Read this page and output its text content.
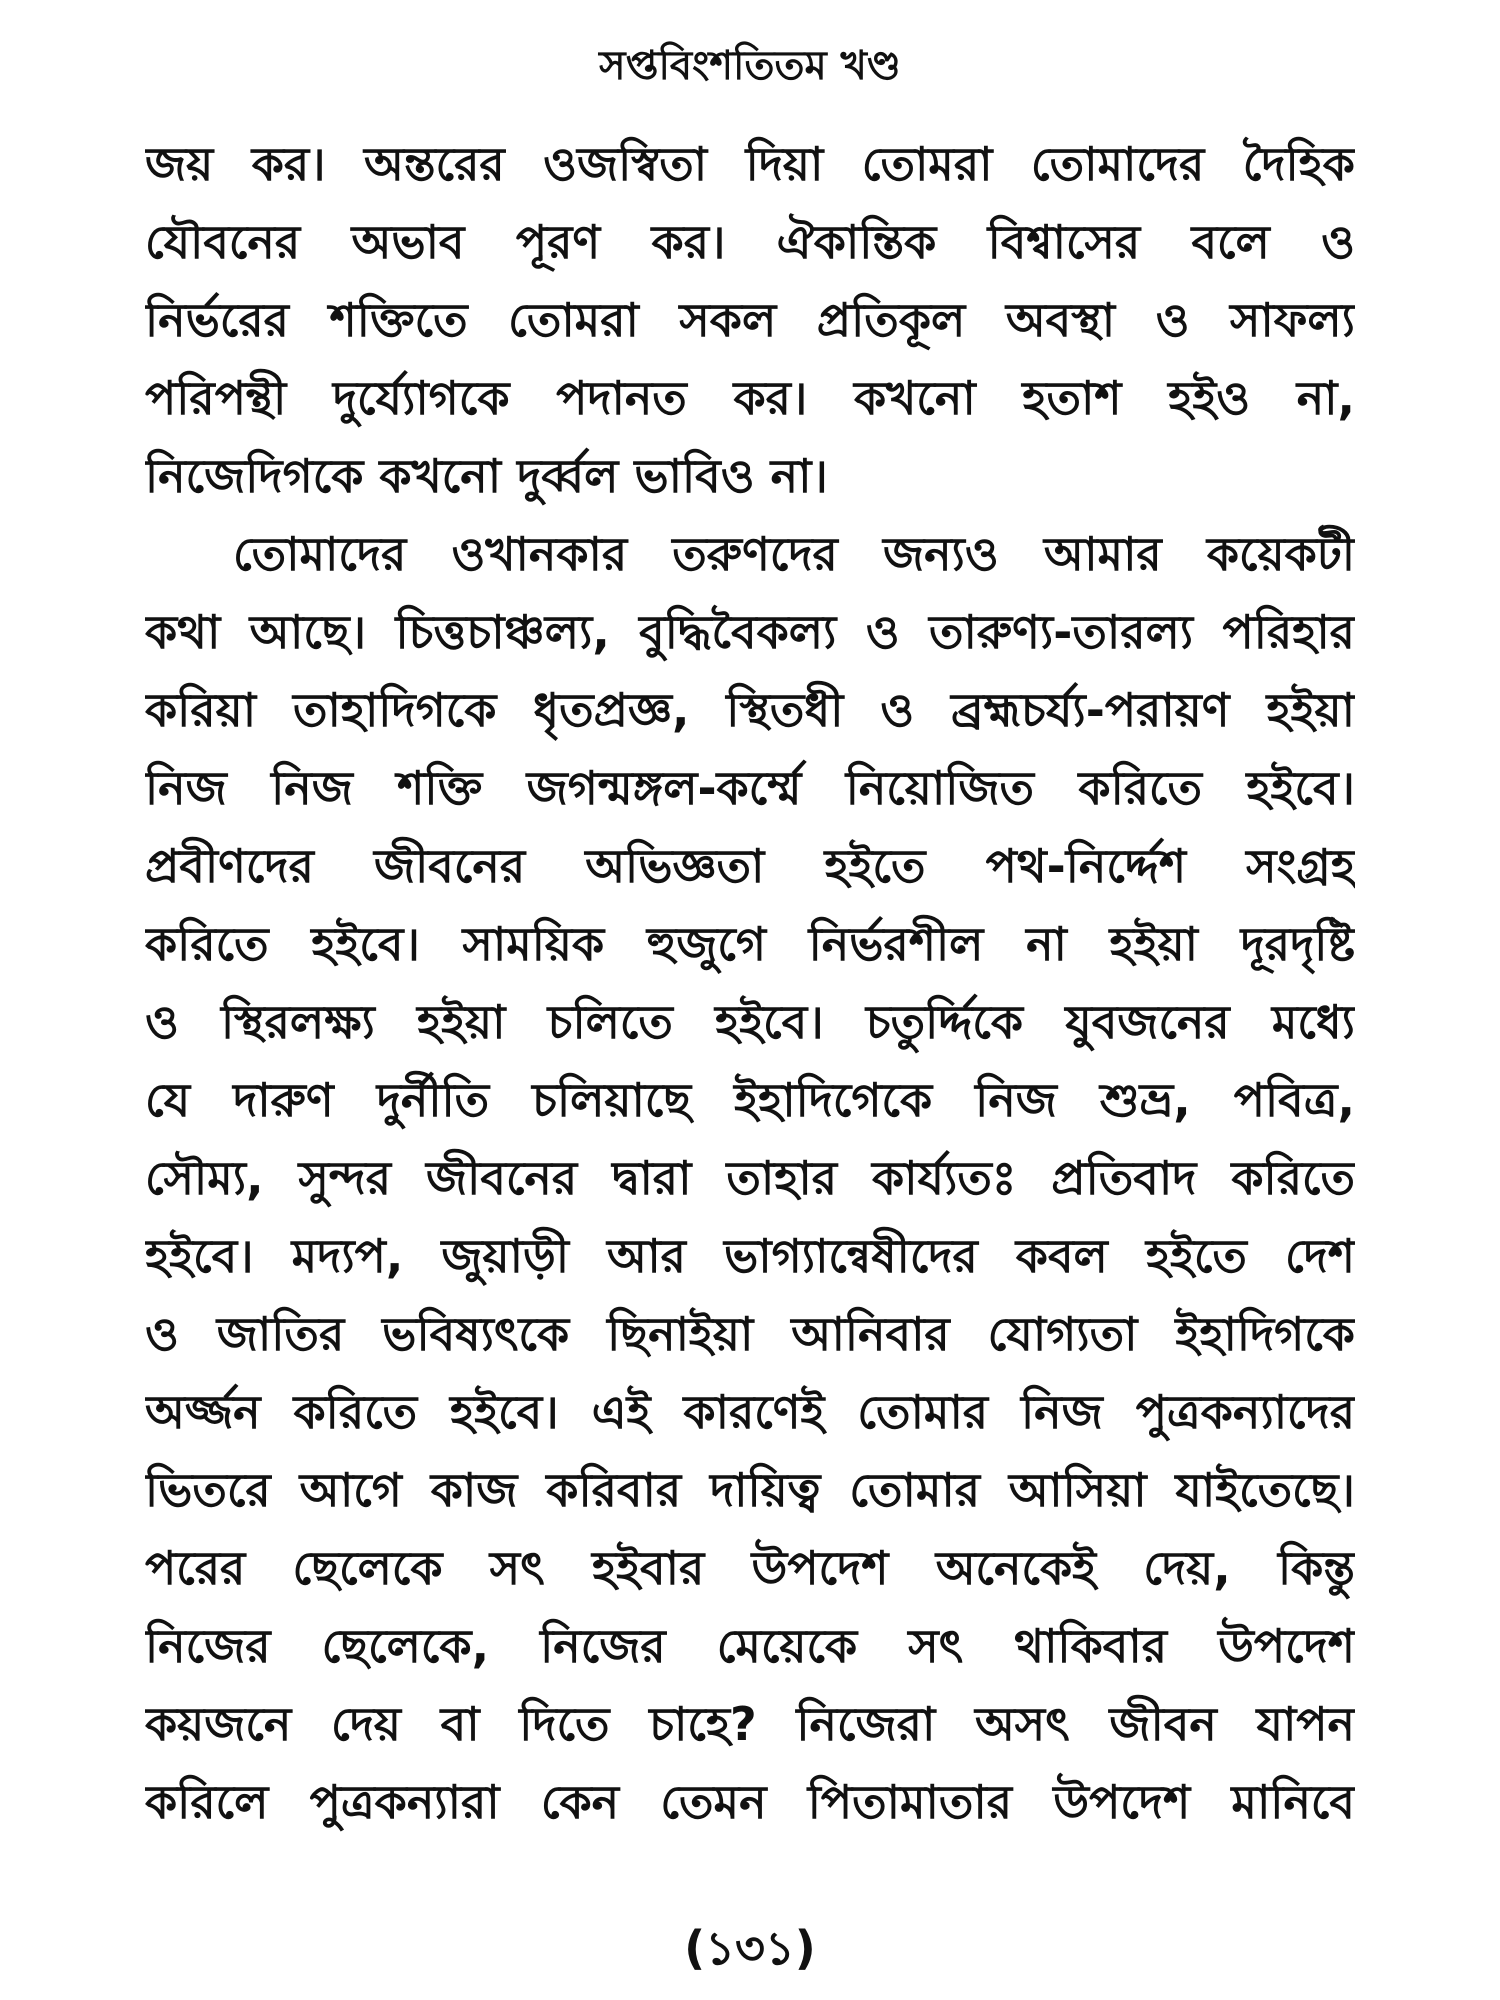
সপ্তবিংশতিতম খণ্ড
জয় কর। অন্তরের ওজস্বিতা দিয়া তোমরা তোমাদের দৈহিক
যৌবনের অভাব পূরণ কর। ঐকান্তিক বিশ্বাসের বলে ও
নির্ভরের শক্তিতে তোমরা সকল প্রতিকূল অবস্থা ও সাফল্য
পরিপন্থী দুর্য্যোগকে পদানত কর। কখনো হতাশ হইও না,
নিজেদিগকে কখনো দুর্ব্বল ভাবিও না।
তোমাদের ওখানকার তরুণদের জন্যও আমার কয়েকটী
কথা আছে। চিত্তচাঞ্চল্য, বুদ্ধিবৈকল্য ও তারুণ্য-তারল্য পরিহার
করিয়া তাহাদিগকে ধৃতপ্রজ্ঞ, স্থিতধী ও ব্রহ্মচর্য্য-পরায়ণ হইয়া
নিজ নিজ শক্তি জগন্মঙ্গল-কর্ম্মে নিয়োজিত করিতে হইবে।
প্রবীণদের জীবনের অভিজ্ঞতা হইতে পথ-নির্দ্দেশ সংগ্রহ
করিতে হইবে। সাময়িক হুজুগে নির্ভরশীল না হইয়া দূরদৃষ্টি
ও স্থিরলক্ষ্য হইয়া চলিতে হইবে। চতুর্দ্দিকে যুবজনের মধ্যে
যে দারুণ দুর্নীতি চলিয়াছে ইহাদিগেকে নিজ শুভ্র, পবিত্র,
সৌম্য, সুন্দর জীবনের দ্বারা তাহার কার্য্যতঃ প্রতিবাদ করিতে
হইবে। মদ্যপ, জুয়াড়ী আর ভাগ্যান্বেষীদের কবল হইতে দেশ
ও জাতির ভবিষ্যৎকে ছিনাইয়া আনিবার যোগ্যতা ইহাদিগকে
অর্জ্জন করিতে হইবে। এই কারণেই তোমার নিজ পুত্রকন্যাদের
ভিতরে আগে কাজ করিবার দায়িত্ব তোমার আসিয়া যাইতেছে।
পরের ছেলেকে সৎ হইবার উপদেশ অনেকেই দেয়, কিন্তু
নিজের ছেলেকে, নিজের মেয়েকে সৎ থাকিবার উপদেশ
কয়জনে দেয় বা দিতে চাহে? নিজেরা অসৎ জীবন যাপন
করিলে পুত্রকন্যারা কেন তেমন পিতামাতার উপদেশ মানিবে
(১৩১)
